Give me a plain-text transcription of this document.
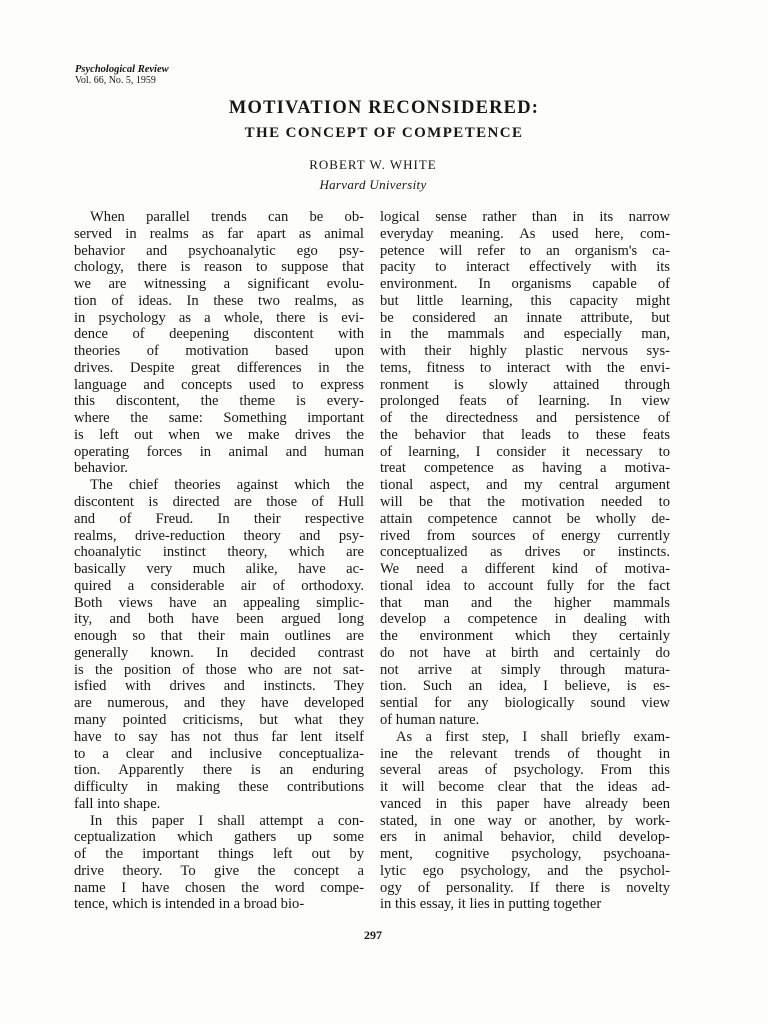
Psychological Review
Vol. 66, No. 5, 1959
MOTIVATION RECONSIDERED:
THE CONCEPT OF COMPETENCE
ROBERT W. WHITE
Harvard University
When parallel trends can be ob-
served in realms as far apart as animal
behavior and psychoanalytic ego psy-
chology, there is reason to suppose that
we are witnessing a significant evolu-
tion of ideas. In these two realms, as
in psychology as a whole, there is evi-
dence of deepening discontent with
theories of motivation based upon
drives. Despite great differences in the
language and concepts used to express
this discontent, the theme is every-
where the same: Something important
is left out when we make drives the
operating forces in animal and human
behavior.
The chief theories against which the
discontent is directed are those of Hull
and of Freud. In their respective
realms, drive-reduction theory and psy-
choanalytic instinct theory, which are
basically very much alike, have ac-
quired a considerable air of orthodoxy.
Both views have an appealing simplic-
ity, and both have been argued long
enough so that their main outlines are
generally known. In decided contrast
is the position of those who are not sat-
isfied with drives and instincts. They
are numerous, and they have developed
many pointed criticisms, but what they
have to say has not thus far lent itself
to a clear and inclusive conceptualiza-
tion. Apparently there is an enduring
difficulty in making these contributions
fall into shape.
In this paper I shall attempt a con-
ceptualization which gathers up some
of the important things left out by
drive theory. To give the concept a
name I have chosen the word compe-
tence, which is intended in a broad bio-
logical sense rather than in its narrow
everyday meaning. As used here, com-
petence will refer to an organism's ca-
pacity to interact effectively with its
environment. In organisms capable of
but little learning, this capacity might
be considered an innate attribute, but
in the mammals and especially man,
with their highly plastic nervous sys-
tems, fitness to interact with the envi-
ronment is slowly attained through
prolonged feats of learning. In view
of the directedness and persistence of
the behavior that leads to these feats
of learning, I consider it necessary to
treat competence as having a motiva-
tional aspect, and my central argument
will be that the motivation needed to
attain competence cannot be wholly de-
rived from sources of energy currently
conceptualized as drives or instincts.
We need a different kind of motiva-
tional idea to account fully for the fact
that man and the higher mammals
develop a competence in dealing with
the environment which they certainly
do not have at birth and certainly do
not arrive at simply through matura-
tion. Such an idea, I believe, is es-
sential for any biologically sound view
of human nature.
As a first step, I shall briefly exam-
ine the relevant trends of thought in
several areas of psychology. From this
it will become clear that the ideas ad-
vanced in this paper have already been
stated, in one way or another, by work-
ers in animal behavior, child develop-
ment, cognitive psychology, psychoana-
lytic ego psychology, and the psychol-
ogy of personality. If there is novelty
in this essay, it lies in putting together
297
